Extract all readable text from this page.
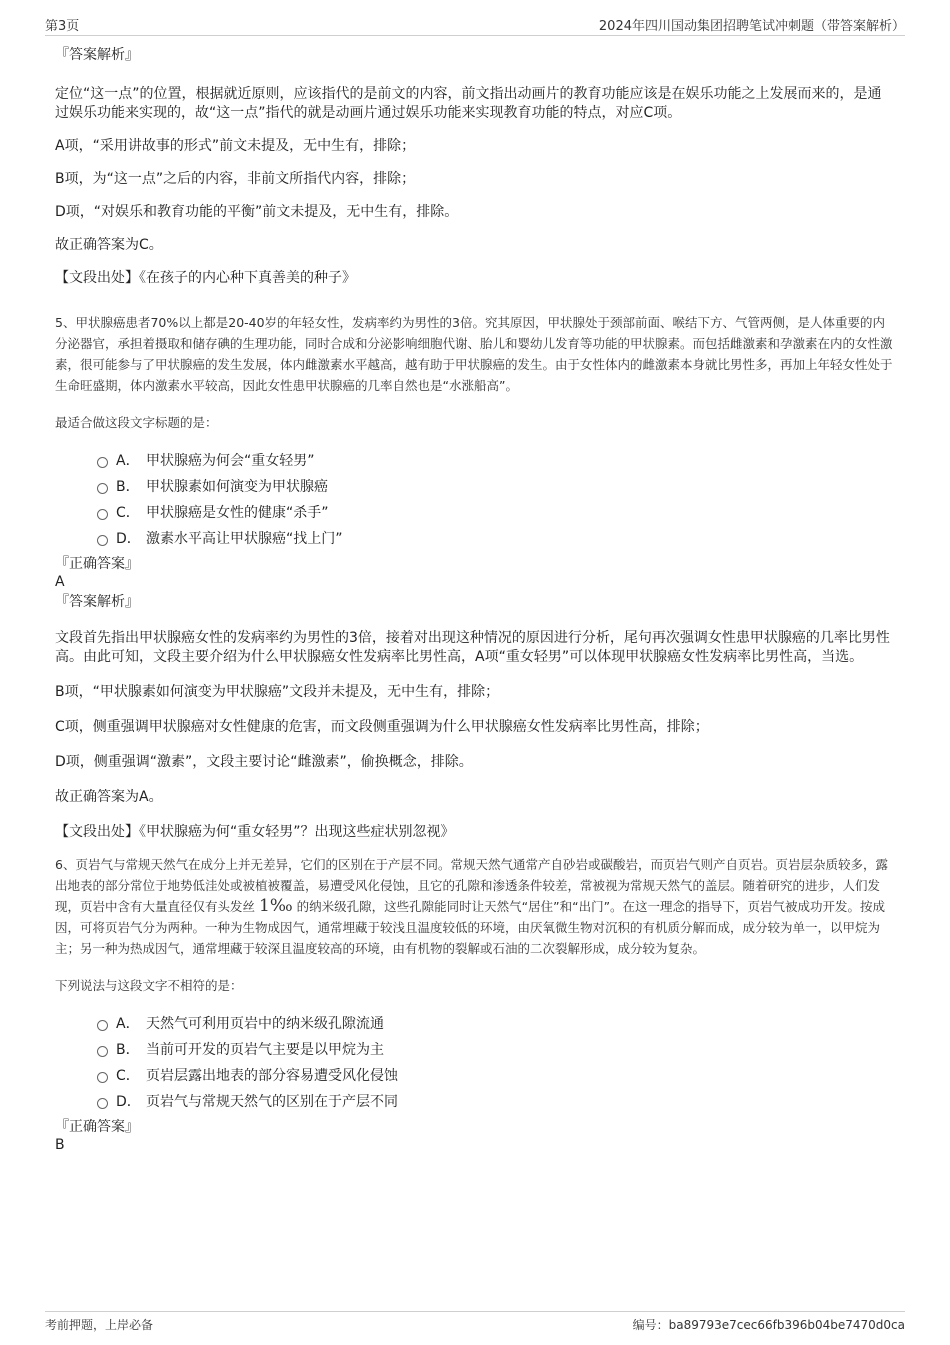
第3页	2024年四川国动集团招聘笔试冲刺题（带答案解析）

『答案解析』

定位“这一点”的位置，根据就近原则，应该指代的是前文的内容，前文指出动画片的教育功能应该是在娱乐功能之上发展而来的，是通过娱乐功能来实现的，故“这一点”指代的就是动画片通过娱乐功能来实现教育功能的特点，对应C项。

A项，“采用讲故事的形式”前文未提及，无中生有，排除；

B项，为“这一点”之后的内容，非前文所指代内容，排除；

D项，“对娱乐和教育功能的平衡”前文未提及，无中生有，排除。

故正确答案为C。

【文段出处】《在孩子的内心种下真善美的种子》

5、甲状腺癌患者70%以上都是20-40岁的年轻女性，发病率约为男性的3倍。究其原因，甲状腺处于颈部前面、喉结下方、气管两侧，是人体重要的内分泌器官，承担着摄取和储存碘的生理功能，同时合成和分泌影响细胞代谢、胎儿和婴幼儿发育等功能的甲状腺素。而包括雌激素和孕激素在内的女性激素，很可能参与了甲状腺癌的发生发展，体内雌激素水平越高，越有助于甲状腺癌的发生。由于女性体内的雌激素本身就比男性多，再加上年轻女性处于生命旺盛期，体内激素水平较高，因此女性患甲状腺癌的几率自然也是“水涨船高”。

最适合做这段文字标题的是：

A． 甲状腺癌为何会“重女轻男”
B． 甲状腺素如何演变为甲状腺癌
C． 甲状腺癌是女性的健康“杀手”
D． 激素水平高让甲状腺癌“找上门”

『正确答案』

A

『答案解析』

文段首先指出甲状腺癌女性的发病率约为男性的3倍，接着对出现这种情况的原因进行分析，尾句再次强调女性患甲状腺癌的几率比男性高。由此可知，文段主要介绍为什么甲状腺癌女性发病率比男性高，A项“重女轻男”可以体现甲状腺癌女性发病率比男性高，当选。

B项，“甲状腺素如何演变为甲状腺癌”文段并未提及，无中生有，排除；

C项，侧重强调甲状腺癌对女性健康的危害，而文段侧重强调为什么甲状腺癌女性发病率比男性高，排除；

D项，侧重强调“激素”，文段主要讨论“雌激素”，偷换概念，排除。

故正确答案为A。

【文段出处】《甲状腺癌为何“重女轻男”？出现这些症状别忽视》

6、页岩气与常规天然气在成分上并无差异，它们的区别在于产层不同。常规天然气通常产自砂岩或碳酸岩，而页岩气则产自页岩。页岩层杂质较多，露出地表的部分常位于地势低洼处或被植被覆盖，易遭受风化侵蚀，且它的孔隙和渗透条件较差，常被视为常规天然气的盖层。随着研究的进步，人们发现，页岩中含有大量直径仅有头发丝 1‰ 的纳米级孔隙，这些孔隙能同时让天然气“居住”和“出门”。在这一理念的指导下，页岩气被成功开发。按成因，可将页岩气分为两种。一种为生物成因气，通常埋藏于较浅且温度较低的环境，由厌氧微生物对沉积的有机质分解而成，成分较为单一，以甲烷为主；另一种为热成因气，通常埋藏于较深且温度较高的环境，由有机物的裂解或石油的二次裂解形成，成分较为复杂。

下列说法与这段文字不相符的是：

A． 天然气可利用页岩中的纳米级孔隙流通
B． 当前可开发的页岩气主要是以甲烷为主
C． 页岩层露出地表的部分容易遭受风化侵蚀
D． 页岩气与常规天然气的区别在于产层不同

『正确答案』

B

考前押题，上岸必备	编号：ba89793e7cec66fb396b04be7470d0ca
